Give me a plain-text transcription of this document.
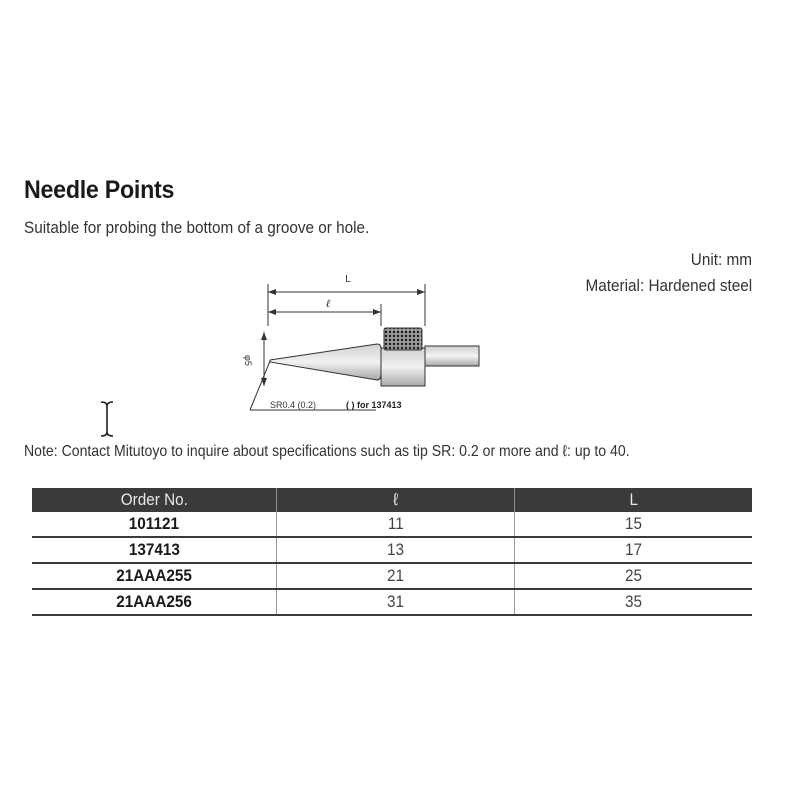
Needle Points
Suitable for probing the bottom of a groove or hole.
Unit: mm
Material: Hardened steel
L
ℓ
φ5
SR0.4 (0.2)	( ) for 137413
Note: Contact Mitutoyo to inquire about specifications such as tip SR: 0.2 or more and ℓ: up to 40.
Order No.	ℓ	L
101121	11	15
137413	13	17
21AAA255	21	25
21AAA256	31	35
